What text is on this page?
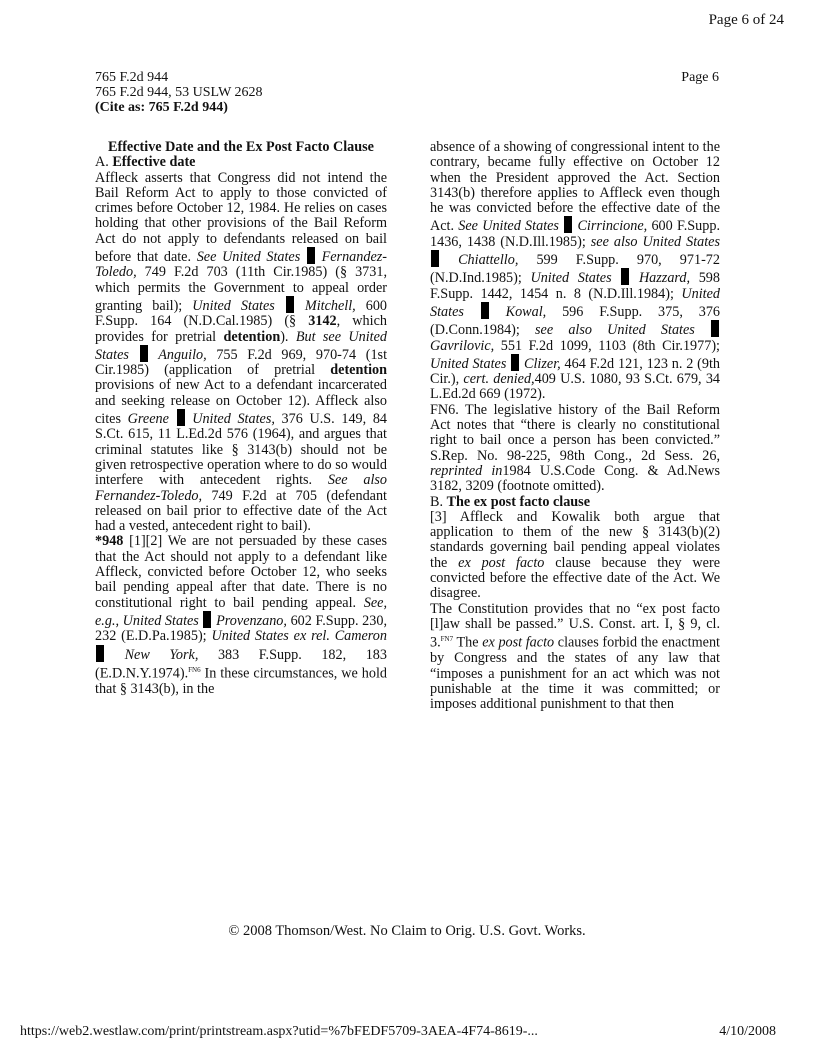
Page 6 of 24
765 F.2d 944
765 F.2d 944, 53 USLW 2628
(Cite as: 765 F.2d 944)
Page 6

Effective Date and the Ex Post Facto Clause

A. Effective date

Affleck asserts that Congress did not intend the Bail Reform Act to apply to those convicted of crimes before October 12, 1984. He relies on cases holding that other provisions of the Bail Reform Act do not apply to defendants released on bail before that date. See United States Fernandez-Toledo, 749 F.2d 703 (11th Cir.1985) (§ 3731, which permits the Government to appeal order granting bail); United States Mitchell, 600 F.Supp. 164 (N.D.Cal.1985) (§ 3142, which provides for pretrial detention). But see United States Anguilo, 755 F.2d 969, 970-74 (1st Cir.1985) (application of pretrial detention provisions of new Act to a defendant incarcerated and seeking release on October 12). Affleck also cites Greene United States, 376 U.S. 149, 84 S.Ct. 615, 11 L.Ed.2d 576 (1964), and argues that criminal statutes like § 3143(b) should not be given retrospective operation where to do so would interfere with antecedent rights. See also Fernandez-Toledo, 749 F.2d at 705 (defendant released on bail prior to effective date of the Act had a vested, antecedent right to bail).

*948 [1][2] We are not persuaded by these cases that the Act should not apply to a defendant like Affleck, convicted before October 12, who seeks bail pending appeal after that date. There is no constitutional right to bail pending appeal. See, e.g., United States Provenzano, 602 F.Supp. 230, 232 (E.D.Pa.1985); United States ex rel. Cameron  New York, 383 F.Supp. 182, 183 (E.D.N.Y.1974).$^{FN6}$ In these circumstances, we hold that § 3143(b), in the

absence of a showing of congressional intent to the contrary, became fully effective on October 12 when the President approved the Act. Section 3143(b) therefore applies to Affleck even though he was convicted before the effective date of the Act. See United States Cirrincione, 600 F.Supp. 1436, 1438 (N.D.Ill.1985); see also United States  Chiattello, 599 F.Supp. 970, 971-72 (N.D.Ind.1985); United States Hazzard, 598 F.Supp. 1442, 1454 n. 8 (N.D.Ill.1984); United States	Kowal, 596 F.Supp. 375, 376 (D.Conn.1984); see also United States  Gavrilovic, 551 F.2d 1099, 1103 (8th Cir.1977); United States Clizer, 464 F.2d 121, 123 n. 2 (9th Cir.), cert. denied,409 U.S. 1080, 93 S.Ct. 679, 34 L.Ed.2d 669 (1972).

FN6. The legislative history of the Bail Reform Act notes that “there is clearly no constitutional right to bail once a person has been convicted.” S.Rep. No. 98-225, 98th Cong., 2d Sess. 26, reprinted in1984 U.S.Code Cong. & Ad.News 3182, 3209 (footnote omitted).

B. The ex post facto clause

[3] Affleck and Kowalik both argue that application to them of the new § 3143(b)(2) standards governing bail pending appeal violates the ex post facto clause because they were convicted before the effective date of the Act. We disagree.

The Constitution provides that no “ex post facto [l]aw shall be passed.” U.S. Const. art. I, § 9, cl. 3.$^{FN7}$ The ex post facto clauses forbid the enactment by Congress and the states of any law that “imposes a punishment for an act which was not punishable at the time it was committed; or imposes additional punishment to that then

© 2008 Thomson/West. No Claim to Orig. U.S. Govt. Works.
https://web2.westlaw.com/print/printstream.aspx?utid=%7bFEDF5709-3AEA-4F74-8619-...	4/10/2008
